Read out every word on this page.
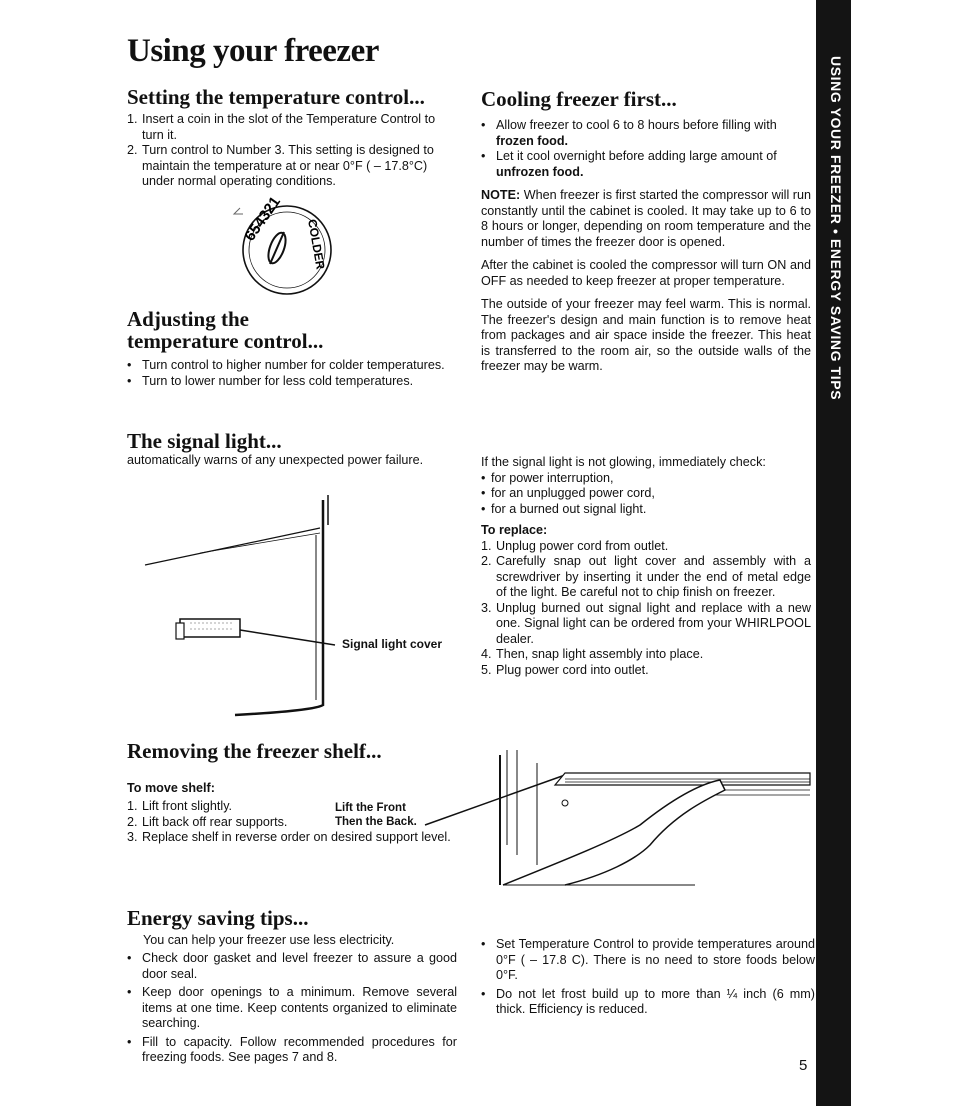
Using your freezer
USING YOUR FREEZER • ENERGY SAVING TIPS
Setting the temperature control...
1. Insert a coin in the slot of the Temperature Control to turn it.
2. Turn control to Number 3. This setting is designed to maintain the temperature at or near 0°F ( – 17.8°C) under normal operating conditions.
654321 COLDER
Adjusting the
temperature control...
• Turn control to higher number for colder temperatures.
• Turn to lower number for less cold temperatures.
Cooling freezer first...
• Allow freezer to cool 6 to 8 hours before filling with frozen food.
• Let it cool overnight before adding large amount of unfrozen food.

NOTE: When freezer is first started the compressor will run constantly until the cabinet is cooled. It may take up to 6 to 8 hours or longer, depending on room temperature and the number of times the freezer door is opened.

After the cabinet is cooled the compressor will turn ON and OFF as needed to keep freezer at proper temperature.

The outside of your freezer may feel warm. This is normal. The freezer's design and main function is to remove heat from packages and air space inside the freezer. This heat is transferred to the room air, so the outside walls of the freezer may be warm.

The signal light...

automatically warns of any unexpected power failure.

Signal light cover
If the signal light is not glowing, immediately check:
• for power interruption,
• for an unplugged power cord,
• for a burned out signal light.
To replace:
1. Unplug power cord from outlet.
2. Carefully snap out light cover and assembly with a screwdriver by inserting it under the end of metal edge of the light. Be careful not to chip finish on freezer.
3. Unplug burned out signal light and replace with a new one. Signal light can be ordered from your WHIRLPOOL dealer.
4. Then, snap light assembly into place.
5. Plug power cord into outlet.
Removing the freezer shelf...
To move shelf:
1. Lift front slightly.
2. Lift back off rear supports.
3. Replace shelf in reverse order on desired support level.
Lift the Front
Then the Back.
Energy saving tips...
You can help your freezer use less electricity.
• Check door gasket and level freezer to assure a good door seal.
• Keep door openings to a minimum. Remove several items at one time. Keep contents organized to eliminate searching.
• Fill to capacity. Follow recommended procedures for freezing foods. See pages 7 and 8.
• Set Temperature Control to provide temperatures around 0°F ( – 17.8 C). There is no need to store foods below 0°F.
• Do not let frost build up to more than ¼ inch (6 mm) thick. Efficiency is reduced.
5
